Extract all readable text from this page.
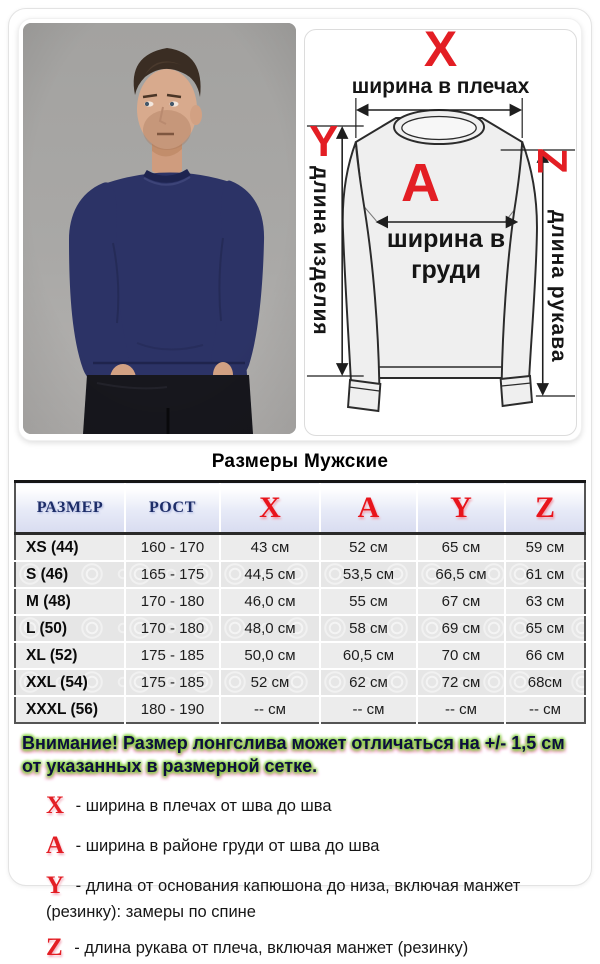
X
ширина в плечах
Y
длина изделия A
ширина в груди
Z
длина рукава
Размеры Мужские
РАЗМЕР	РОСТ	X	A	Y	Z
XS (44)	160 - 170	43 см	52 см	65 см	59 см
S (46)	165 - 175	44,5 см	53,5 см	66,5 см	61 см
M (48)	170 - 180	46,0 см	55 см	67 см	63 см
L (50)	170 - 180	48,0 см	58 см	69 см	65 см
XL (52)	175 - 185	50,0 см	60,5 см	70 см	66 см
XXL (54)	175 - 185	52 см	62 см	72 см	68см
XXXL (56)	180 - 190	-- см	-- см	-- см	-- см
Внимание! Размер лонгслива может отличаться на +/- 1,5 см от указанных в размерной сетке.
X - ширина в плечах от шва до шва
A - ширина в районе груди от шва до шва
Y - длина от основания капюшона до низа, включая манжет (резинку): замеры по спине
Z - длина рукава от плеча, включая манжет (резинку)
